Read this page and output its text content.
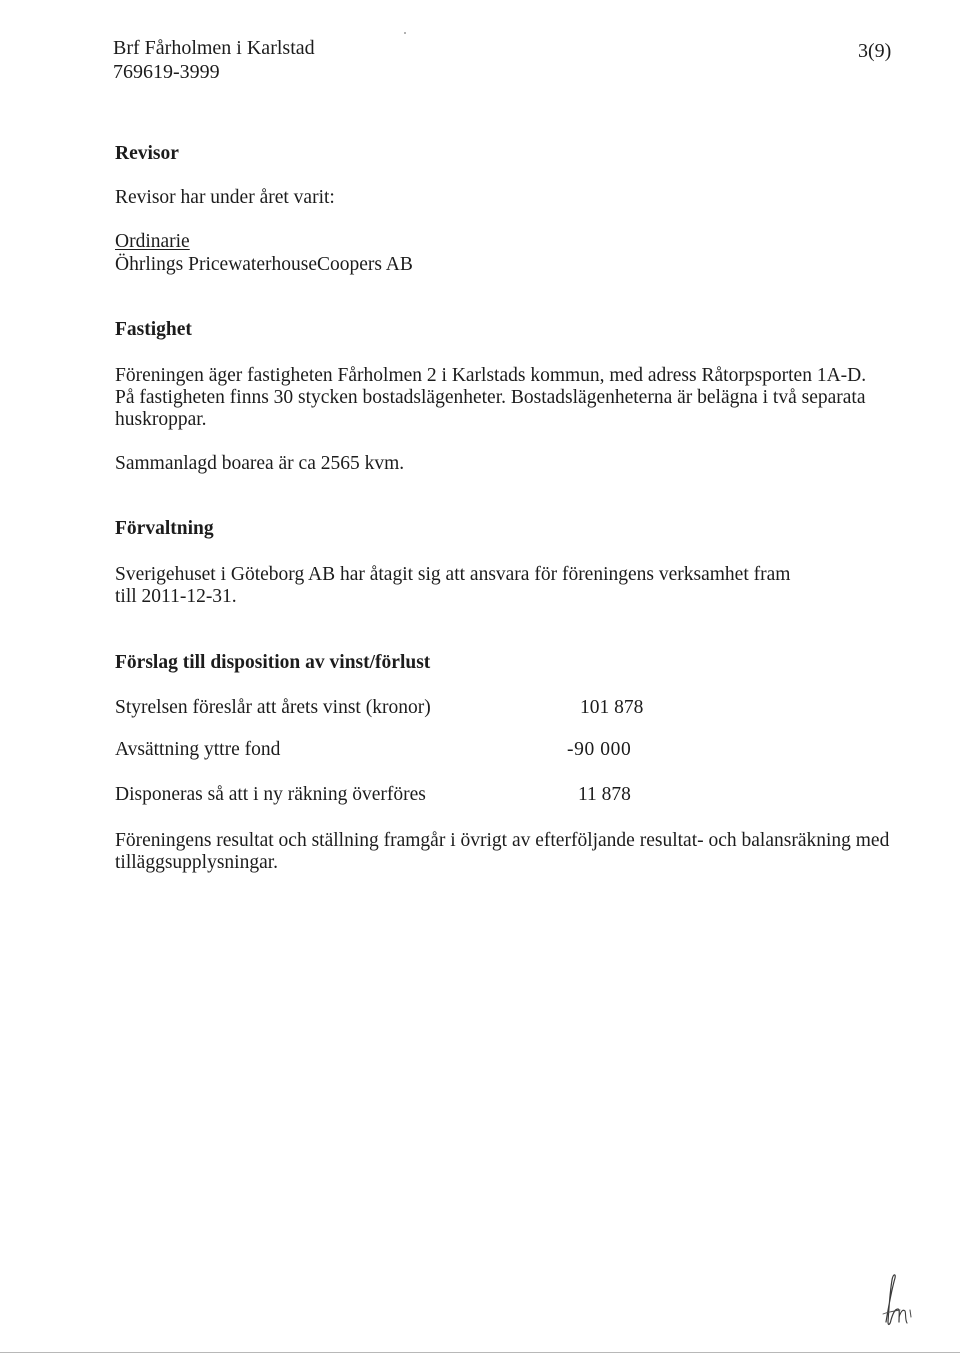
Brf Fårholmen i Karlstad
769619-3999
3(9)
Revisor
Revisor har under året varit:
Ordinarie
Öhrlings PricewaterhouseCoopers AB
Fastighet
Föreningen äger fastigheten Fårholmen 2 i Karlstads kommun, med adress Råtorpsporten 1A-D.
På fastigheten finns 30 stycken bostadslägenheter. Bostadslägenheterna är belägna i två separata
huskroppar.
Sammanlagd boarea är ca 2565 kvm.
Förvaltning
Sverigehuset i Göteborg AB har åtagit sig att ansvara för föreningens verksamhet fram
till 2011-12-31.
Förslag till disposition av vinst/förlust
Styrelsen föreslår att årets vinst (kronor)	101 878
Avsättning yttre fond	-90 000
Disponeras så att i ny räkning överföres	11 878
Föreningens resultat och ställning framgår i övrigt av efterföljande resultat- och balansräkning med
tilläggsupplysningar.
